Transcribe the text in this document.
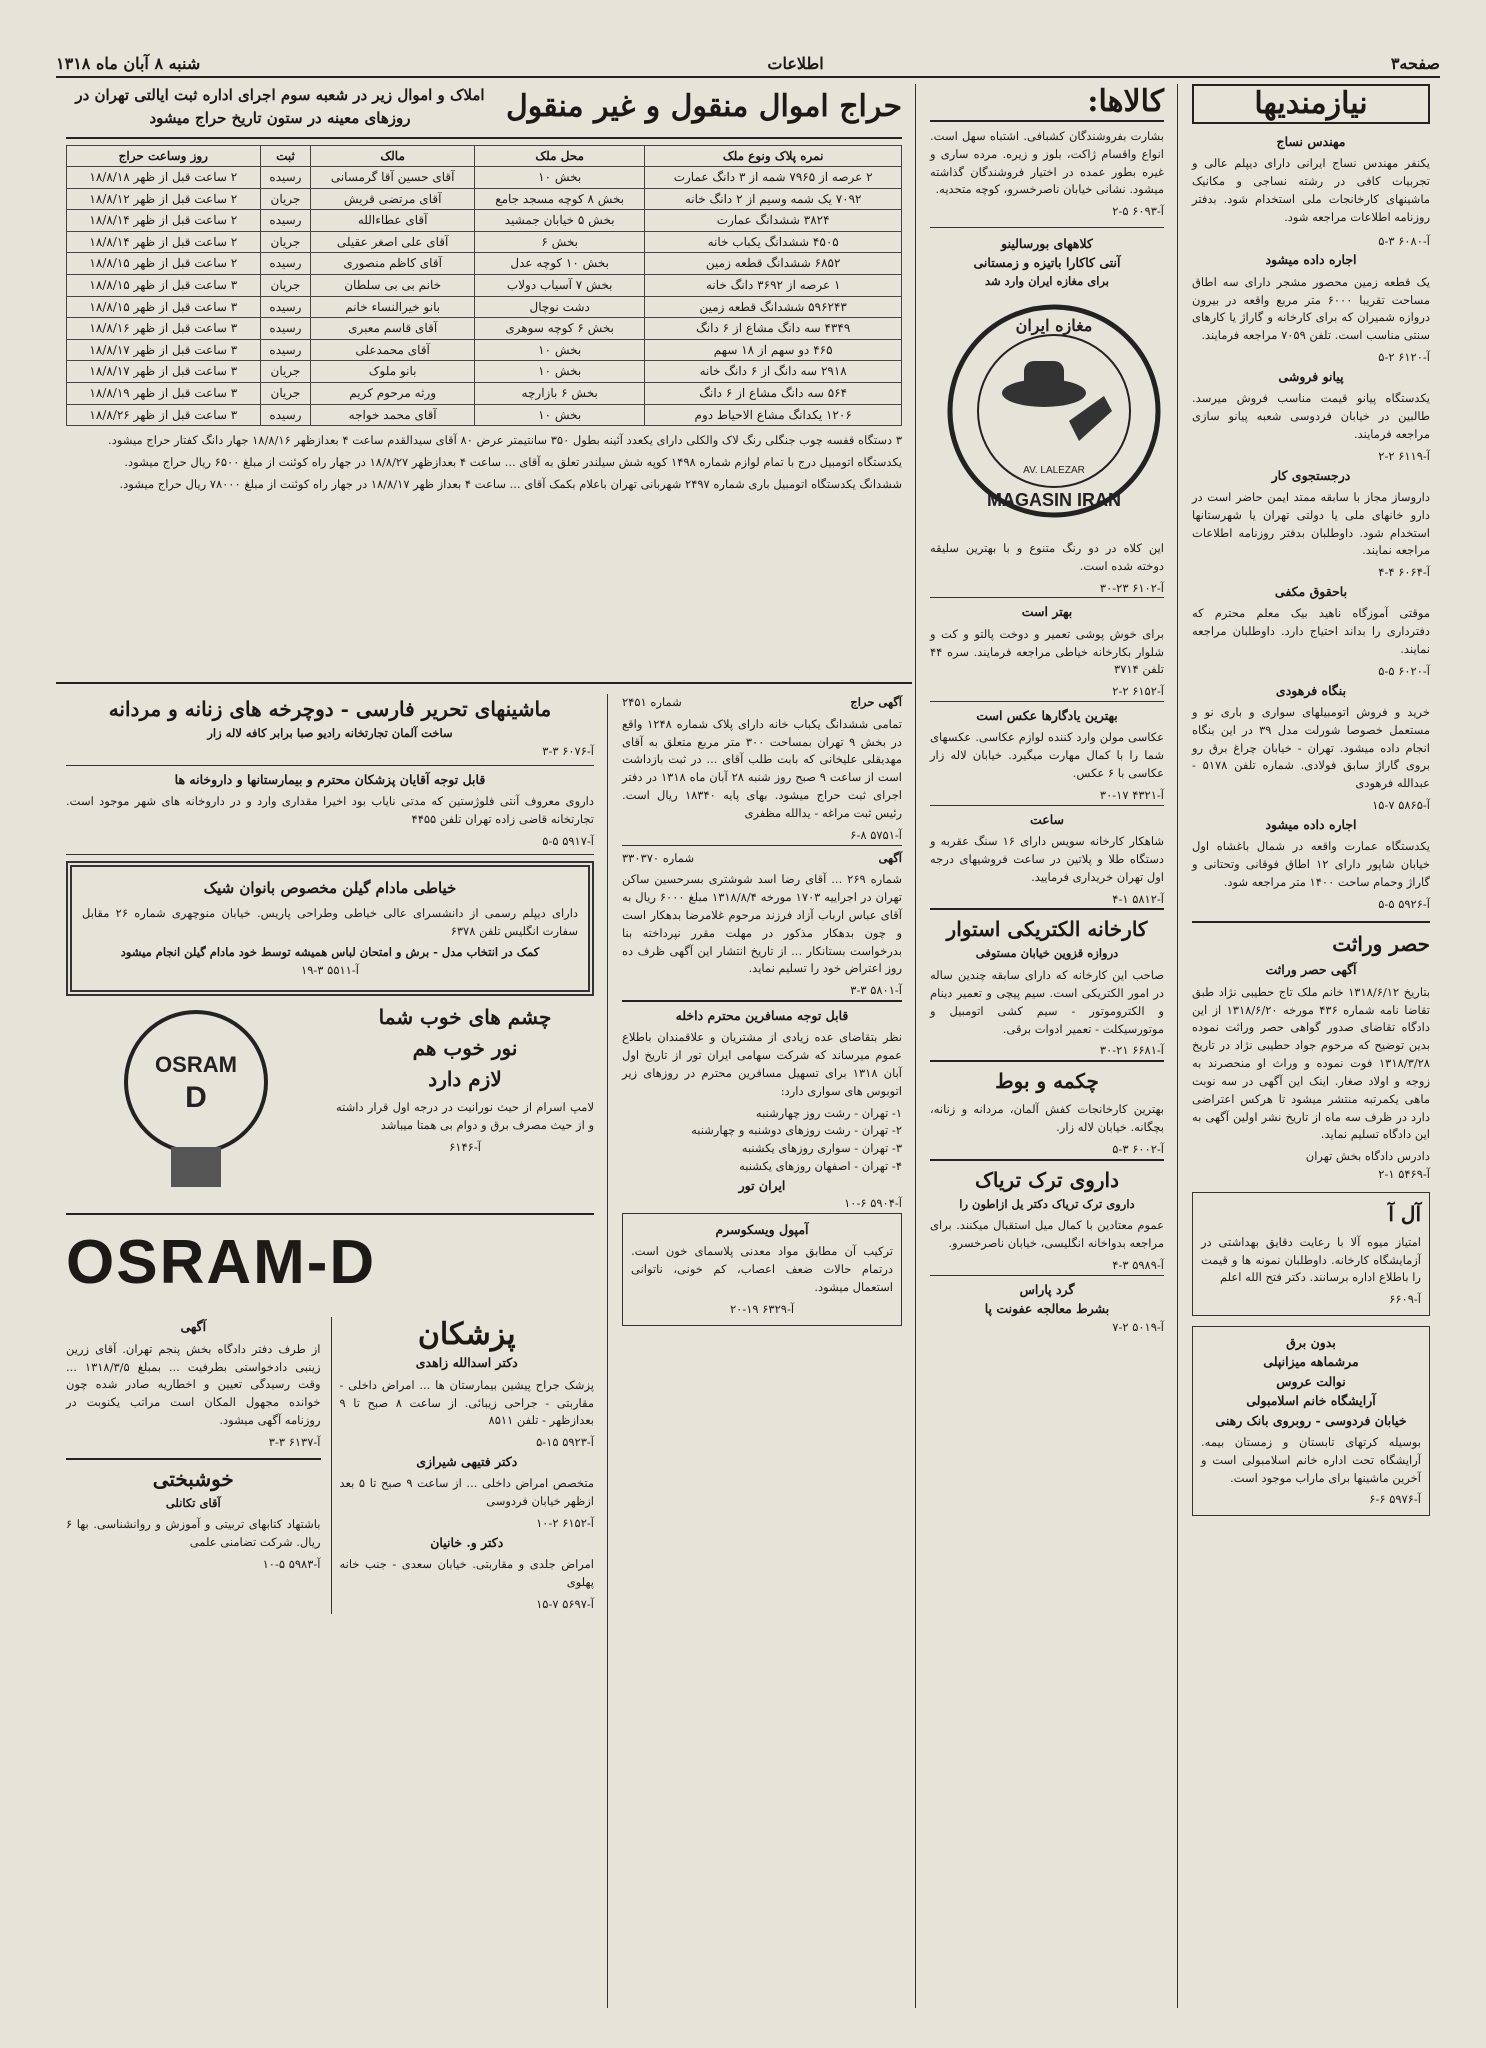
صفحه۳
اطلاعات
شنبه ۸ آبان ماه ۱۳۱۸
نیازمندیها
مهندس نساج

یکنفر مهندس نساج ایرانی دارای دیپلم عالی و تجربیات کافی در رشته نساجی و مکانیک ماشینهای کارخانجات ملی استخدام شود. بدفتر روزنامه اطلاعات مراجعه شود.

آ-۶۰۸۰ ۳-۵
اجاره داده میشود

یک قطعه زمین محصور مشجر دارای سه اطاق مساحت تقریبا ۶۰۰۰ متر مربع واقعه در بیرون دروازه شمیران که برای کارخانه و گاراژ یا کارهای سنتی مناسب است. تلفن ۷۰۵۹ مراجعه فرمایند.

آ-۶۱۲۰ ۲-۵
پیانو فروشی

یکدستگاه پیانو قیمت مناسب فروش میرسد. طالبین در خیابان فردوسی شعبه پیانو سازی مراجعه فرمایند.

آ-۶۱۱۹ ۲-۲
درجستجوی کار

داروساز مجاز با سابقه ممتد ایمن حاضر است در دارو خانهای ملی یا دولتی تهران یا شهرستانها استخدام شود. داوطلبان بدفتر روزنامه اطلاعات مراجعه نمایند.

آ-۶۰۶۴ ۴-۴
باحقوق مکفی

موقتی آموزگاه ناهید بیک معلم محترم که دفترداری را بداند احتیاج دارد. داوطلبان مراجعه نمایند.

آ-۶۰۲۰ ۵-۵
بنگاه فرهودی

خرید و فروش اتومبیلهای سواری و باری نو و مستعمل خصوصا شورلت مدل ۳۹ در این بنگاه انجام داده میشود. تهران - خیابان چراغ برق رو بروی گاراژ سابق فولادی. شماره تلفن ۵۱۷۸ - عبدالله فرهودی

آ-۵۸۶۵ ۷-۱۵
اجاره داده میشود

یکدستگاه عمارت واقعه در شمال باغشاه اول خیابان شاپور دارای ۱۲ اطاق فوقانی وتحتانی و گاراژ وحمام ساحت ۱۴۰۰ متر مراجعه شود.

آ-۵۹۲۶ ۵-۵
حصر وراثت
آگهی حصر وراثت

بتاریخ ۱۳۱۸/۶/۱۲ خانم ملک تاج حطیبی نژاد طبق تقاضا نامه شماره ۴۳۶ مورخه ۱۳۱۸/۶/۲۰ از این دادگاه تقاضای صدور گواهی حصر وراثت نموده بدین توضیح که مرحوم جواد حطیبی نژاد در تاریخ ۱۳۱۸/۳/۲۸ فوت نموده و وراث او منحصرند به زوجه و اولاد صغار. اینک این آگهی در سه نوبت ماهی یکمرتبه منتشر میشود تا هرکس اعتراضی دارد در ظرف سه ماه از تاریخ نشر اولین آگهی به این دادگاه تسلیم نماید.

دادرس دادگاه بخش تهران
آ-۵۴۶۹ ۱-۲
آل آ

امتیاز میوه آلا با رعایت دقایق بهداشتی در آزمایشگاه کارخانه. داوطلبان نمونه ها و قیمت را باطلاع اداره برسانند. دکتر فتح الله اعلم

آ-۶۶۰۹
بدون برق
مرشماهه میزانپلی
نوالت عروس
آرایشگاه خانم اسلامبولی
خیابان فردوسی - روبروی بانک رهنی

بوسیله کرتهای تابستان و زمستان بیمه. آرایشگاه تحت اداره خانم اسلامبولی است و آخرین ماشینها برای ماراب موجود است.

آ-۵۹۷۶ ۶-۶
کالاها:

بشارت بفروشندگان کشبافی. اشتباه سهل است. انواع واقسام ژاکت، بلوز و زیره. مرده ساری و غیره بطور عمده در اختیار فروشندگان گذاشته میشود. نشانی خیابان ناصرخسرو، کوچه متحدیه.

آ-۶۰۹۳ ۵-۲
کلاههای بورسالینو
آنتی کاکارا باتیزه و زمستانی
برای مغازه ایران وارد شد
مغازه ایران
MAGASIN IRAN
AV. LALEZAR

این کلاه در دو رنگ متنوع و با بهترین سلیقه دوخته شده است.

آ-۶۱۰۲ ۲۳-۳۰
بهتر است

برای خوش پوشی تعمیر و دوخت پالتو و کت و شلوار بکارخانه خیاطی مراجعه فرمایند. سره ۴۴ تلفن ۳۷۱۴

آ-۶۱۵۲ ۲-۲
بهترین یادگارها عکس است

عکاسی مولن وارد کننده لوازم عکاسی. عکسهای شما را با کمال مهارت میگیرد. خیابان لاله زار عکاسی با ۶ عکس.

آ-۴۳۲۱ ۱۷-۳۰
ساعت

شاهکار کارخانه سویس دارای ۱۶ سنگ عقربه و دستگاه طلا و پلاتین در ساعت فروشیهای درجه اول تهران خریداری فرمایید.

آ-۵۸۱۲ ۱-۴
کارخانه الکتریکی استوار
دروازه قزوین خیابان مستوفی

صاحب این کارخانه که دارای سابقه چندین ساله در امور الکتریکی است. سیم پیچی و تعمیر دینام و الکتروموتور - سیم کشی اتومبیل و موتورسیکلت - تعمیر ادوات برقی.

آ-۶۶۸۱ ۲۱-۳۰
چکمه و بوط

بهترین کارخانجات کفش آلمان، مردانه و زنانه، بچگانه. خیابان لاله زار.

آ-۶۰۰۲ ۳-۵
داروی ترک تریاک
داروی ترک تریاک دکتر یل ازاطون را

عموم معتادین با کمال میل استقبال میکنند. برای مراجعه بدواخانه انگلیسی، خیابان ناصرخسرو.

آ-۵۹۸۹ ۳-۴
گرد پاراس
بشرط معالجه عفونت پا
آ-۵۰۱۹ ۲-۷
حراج اموال منقول و غیر منقول
املاک و اموال زیر در شعبه سوم اجرای اداره ثبت ایالتی تهران در روزهای معینه در ستون تاریخ حراج میشود
نمره پلاک ونوع ملک	محل ملک	مالک	ثبت	روز وساعت حراج
۲ عرصه از ۷۹۶۵ شمه از ۳ دانگ عمارت	بخش ۱۰	آقای حسین آقا گرمسانی	رسیده	۲ ساعت قبل از ظهر ۱۸/۸/۱۸
۷۰۹۲ یک شمه وسیم از ۲ دانگ خانه	بخش ۸ کوچه مسجد جامع	آقای مرتضی قریش	جریان	۲ ساعت قبل از ظهر ۱۸/۸/۱۲
۳۸۲۴ ششدانگ عمارت	بخش ۵ خیابان جمشید	آقای عطاءالله	رسیده	۲ ساعت قبل از ظهر ۱۸/۸/۱۴
۴۵۰۵ ششدانگ یکباب خانه	بخش ۶	آقای علی اصغر عقیلی	جریان	۲ ساعت قبل از ظهر ۱۸/۸/۱۴
۶۸۵۲ ششدانگ قطعه زمین	بخش ۱۰ کوچه عدل	آقای کاظم منصوری	رسیده	۲ ساعت قبل از ظهر ۱۸/۸/۱۵
۱ عرصه از ۳۶۹۲ دانگ خانه	بخش ۷ آسیاب دولاب	خانم بی بی سلطان	جریان	۳ ساعت قبل از ظهر ۱۸/۸/۱۵
۵۹۶۲۴۳ ششدانگ قطعه زمین	دشت نوچال	بانو خیرالنساء خانم	رسیده	۳ ساعت قبل از ظهر ۱۸/۸/۱۵
۴۳۴۹ سه دانگ مشاع از ۶ دانگ	بخش ۶ کوچه سوهری	آقای قاسم معبری	رسیده	۳ ساعت قبل از ظهر ۱۸/۸/۱۶
۴۶۵ دو سهم از ۱۸ سهم	بخش ۱۰	آقای محمدعلی	رسیده	۳ ساعت قبل از ظهر ۱۸/۸/۱۷
۲۹۱۸ سه دانگ از ۶ دانگ خانه	بخش ۱۰	بانو ملوک	جریان	۳ ساعت قبل از ظهر ۱۸/۸/۱۷
۵۶۴ سه دانگ مشاع از ۶ دانگ	بخش ۶ بازارچه	ورثه مرحوم کریم	جریان	۳ ساعت قبل از ظهر ۱۸/۸/۱۹
۱۲۰۶ یکدانگ مشاع الاحیاط دوم	بخش ۱۰	آقای محمد خواجه	رسیده	۳ ساعت قبل از ظهر ۱۸/۸/۲۶

۳ دستگاه قفسه چوب جنگلی رنگ لاک والکلی دارای یکعدد آئینه بطول ۳۵۰ سانتیمتر عرض ۸۰ آقای سیدالقدم ساعت ۴ بعدازظهر ۱۸/۸/۱۶ جهار دانگ کفتار حراج میشود.

یکدستگاه اتومبیل درج با تمام لوازم شماره ۱۴۹۸ کوپه شش سیلندر تعلق به آقای ... ساعت ۴ بعدازظهر ۱۸/۸/۲۷ در جهار راه کوئنت از مبلغ ۶۵۰۰ ریال حراج میشود.

ششدانگ یکدستگاه اتومبیل باری شماره ۲۴۹۷ شهربانی تهران باعلام بکمک آقای ... ساعت ۴ بعداز ظهر ۱۸/۸/۱۷ در جهار راه کوئنت از مبلغ ۷۸۰۰۰ ریال حراج میشود.

آگهی حراج
شماره ۲۴۵۱

تمامی ششدانگ یکباب خانه دارای پلاک شماره ۱۲۴۸ واقع در بخش ۹ تهران بمساحت ۳۰۰ متر مربع متعلق به آقای مهدیقلی علیخانی که بابت طلب آقای ... در ثبت بازداشت است از ساعت ۹ صبح روز شنبه ۲۸ آبان ماه ۱۳۱۸ در دفتر اجرای ثبت حراج میشود. بهای پایه ۱۸۳۴۰ ریال است. رئیس ثبت مراغه - یدالله مظفری

آ-۵۷۵۱ ۸-۶
آگهی
شماره ۳۳۰۳۷۰

شماره ۲۶۹ ... آقای رضا اسد شوشتری بسرحسین ساکن تهران در اجراییه ۱۷۰۳ مورخه ۱۳۱۸/۸/۴ مبلغ ۶۰۰۰ ریال به آقای عباس ارباب آزاد فرزند مرحوم غلامرضا بدهکار است و چون بدهکار مذکور در مهلت مقرر نپرداخته بنا بدرخواست بستانکار ... از تاریخ انتشار این آگهی ظرف ده روز اعتراض خود را تسلیم نماید.

آ-۵۸۰۱ ۳-۳
قابل توجه مسافرین محترم داخله

نظر بتقاضای عده زیادی از مشتریان و علاقمندان باطلاع عموم میرساند که شرکت سهامی ایران تور از تاریخ اول آبان ۱۳۱۸ برای تسهیل مسافرین محترم در روزهای زیر اتوبوس های سواری دارد:

۱- تهران - رشت روز چهارشنبه
۲- تهران - رشت روزهای دوشنبه و چهارشنبه
۳- تهران - سواری روزهای یکشنبه
۴- تهران - اصفهان روزهای یکشنبه
ایران تور
آ-۵۹۰۴ ۶-۱۰
آمپول ویسکوسرم

ترکیب آن مطابق مواد معدنی پلاسمای خون است. درتمام حالات ضعف اعصاب، کم خونی، ناتوانی استعمال میشود.

آ-۶۳۲۹ ۱۹-۲۰
ماشینهای تحریر فارسی - دوچرخه های زنانه و مردانه
ساخت آلمان تجارتخانه رادیو صبا برابر کافه لاله زار
آ-۶۰۷۶ ۳-۳
قابل توجه آقایان پزشکان محترم و بیمارستانها و داروخانه ها

داروی معروف آنتی فلوژستین که مدتی نایاب بود اخیرا مقداری وارد و در داروخانه های شهر موجود است. تجارتخانه قاضی زاده تهران تلفن ۴۴۵۵

آ-۵۹۱۷ ۵-۵
خیاطی مادام گیلن مخصوص بانوان شیک

دارای دیپلم رسمی از دانشسرای عالی خیاطی وطراحی پاریس. خیابان منوچهری شماره ۲۶ مقابل سفارت انگلیس تلفن ۶۳۷۸

کمک در انتخاب مدل - برش و امتحان لباس همیشه توسط خود مادام گیلن انجام میشود
آ-۵۵۱۱ ۳-۱۹
چشم های خوب شما
نور خوب هم
لازم دارد

لامپ اسرام از حیث نورانیت در درجه اول قرار داشته و از حیث مصرف برق و دوام بی همتا میباشد

آ-۶۱۴۶
OSRAM
D
OSRAM-D
پزشکان
دکتر اسدالله زاهدی

پزشک جراح پیشین بیمارستان ها ... امراض داخلی - مقاربتی - جراحی زیبائی. از ساعت ۸ صبح تا ۹ بعدازظهر - تلفن ۸۵۱۱

آ-۵۹۲۳ ۱۵-۵
دکتر فتیهی شیرازی

متخصص امراض داخلی ... از ساعت ۹ صبح تا ۵ بعد ازظهر خیابان فردوسی

آ-۶۱۵۲ ۲-۱۰
دکتر و. خانیان

امراض جلدی و مقاربتی. خیابان سعدی - جنب خانه پهلوی

آ-۵۶۹۷ ۷-۱۵
آگهی

از طرف دفتر دادگاه بخش پنجم تهران. آقای زرین زینبی دادخواستی بطرفیت ... بمبلغ ۱۳۱۸/۳/۵ ... وقت رسیدگی تعیین و اخطاریه صادر شده چون خوانده مجهول المکان است مراتب یکنوبت در روزنامه آگهی میشود.

آ-۶۱۳۷ ۳-۳
خوشبختی
آقای تکانلی

باشتهاد کتابهای تربیتی و آموزش و روانشناسی. بها ۶ ریال. شرکت تضامنی علمی

آ-۵۹۸۳ ۵-۱۰
